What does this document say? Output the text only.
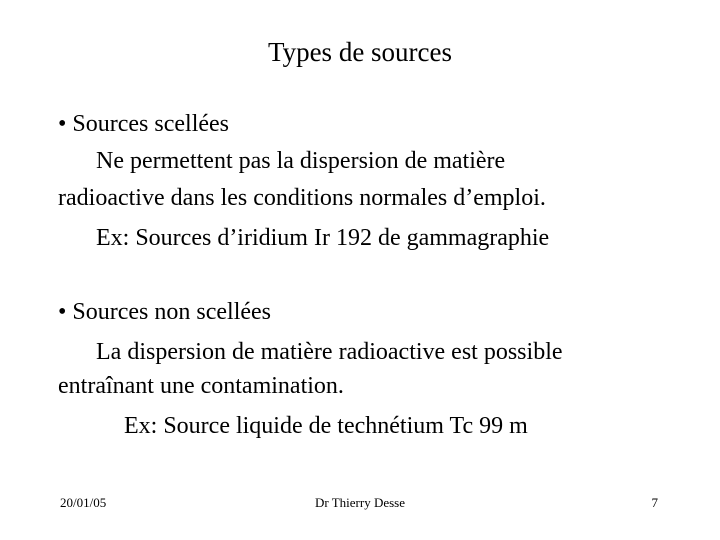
Types de sources
• Sources scellées
Ne permettent pas la dispersion de matière
radioactive dans les conditions normales d’emploi.
Ex: Sources d’iridium Ir 192 de gammagraphie
• Sources non scellées
La dispersion de matière radioactive est possible
entraînant une contamination.
Ex: Source liquide de technétium Tc 99 m
20/01/05	Dr Thierry Desse	7
